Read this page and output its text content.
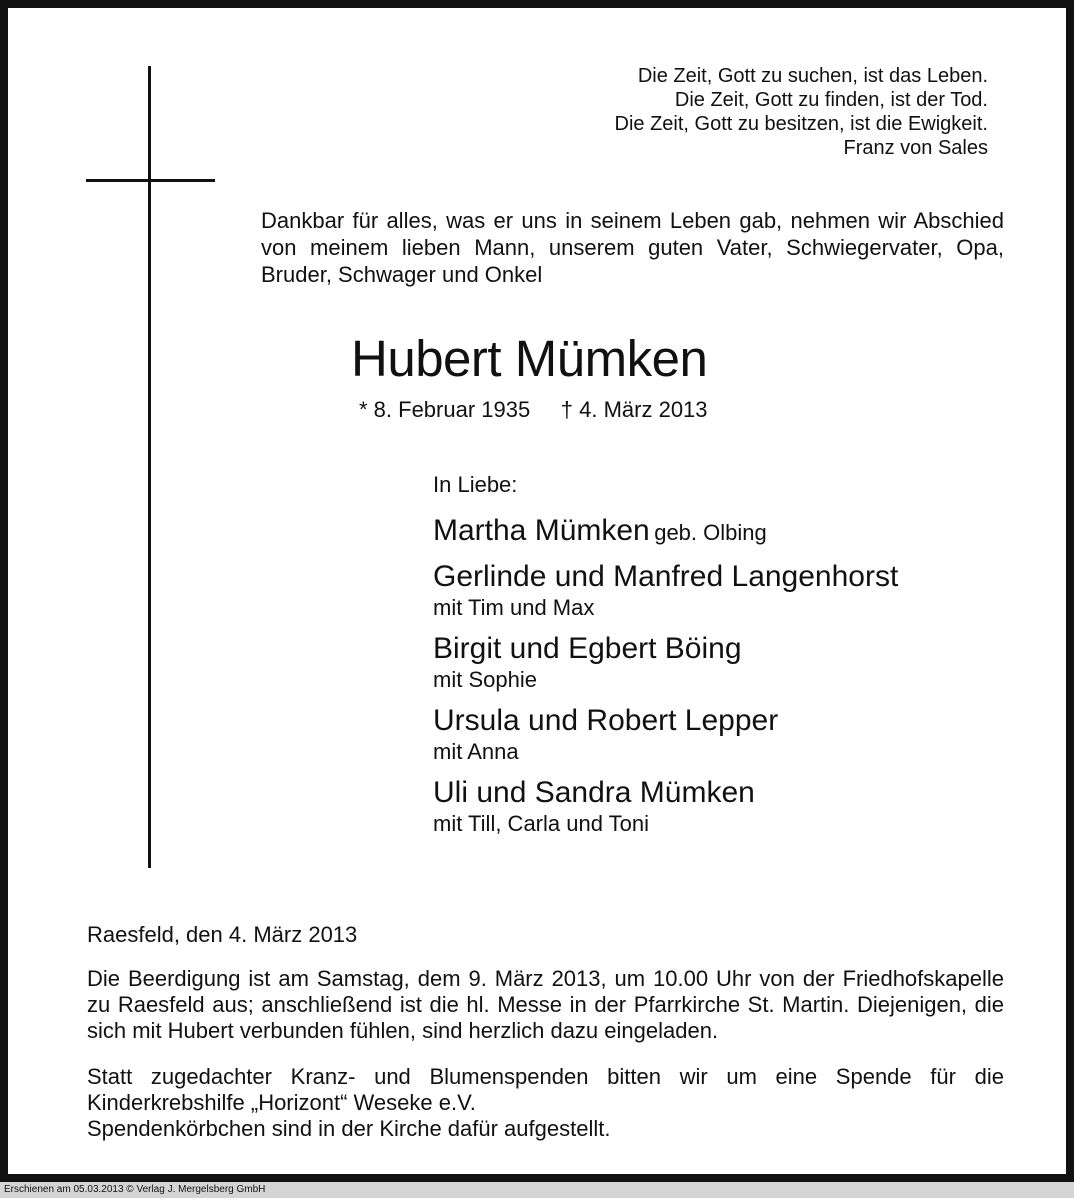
Die Zeit, Gott zu suchen, ist das Leben.
Die Zeit, Gott zu finden, ist der Tod.
Die Zeit, Gott zu besitzen, ist die Ewigkeit.
Franz von Sales
Dankbar für alles, was er uns in seinem Leben gab, nehmen wir Abschied von meinem lieben Mann, unserem guten Vater, Schwiegervater, Opa, Bruder, Schwager und Onkel
Hubert Mümken
* 8. Februar 1935     † 4. März 2013
In Liebe:
Martha Mümken geb. Olbing
Gerlinde und Manfred Langenhorst
mit Tim und Max
Birgit und Egbert Böing
mit Sophie
Ursula und Robert Lepper
mit Anna
Uli und Sandra Mümken
mit Till, Carla und Toni
Raesfeld, den 4. März 2013
Die Beerdigung ist am Samstag, dem 9. März 2013, um 10.00 Uhr von der Friedhofskapelle zu Raesfeld aus; anschließend ist die hl. Messe in der Pfarrkirche St. Martin. Diejenigen, die sich mit Hubert verbunden fühlen, sind herzlich dazu eingeladen.
Statt zugedachter Kranz- und Blumenspenden bitten wir um eine Spende für die Kinderkrebshilfe „Horizont“ Weseke e.V.
Spendenkörbchen sind in der Kirche dafür aufgestellt.
Erschienen am 05.03.2013 © Verlag J. Mergelsberg GmbH
